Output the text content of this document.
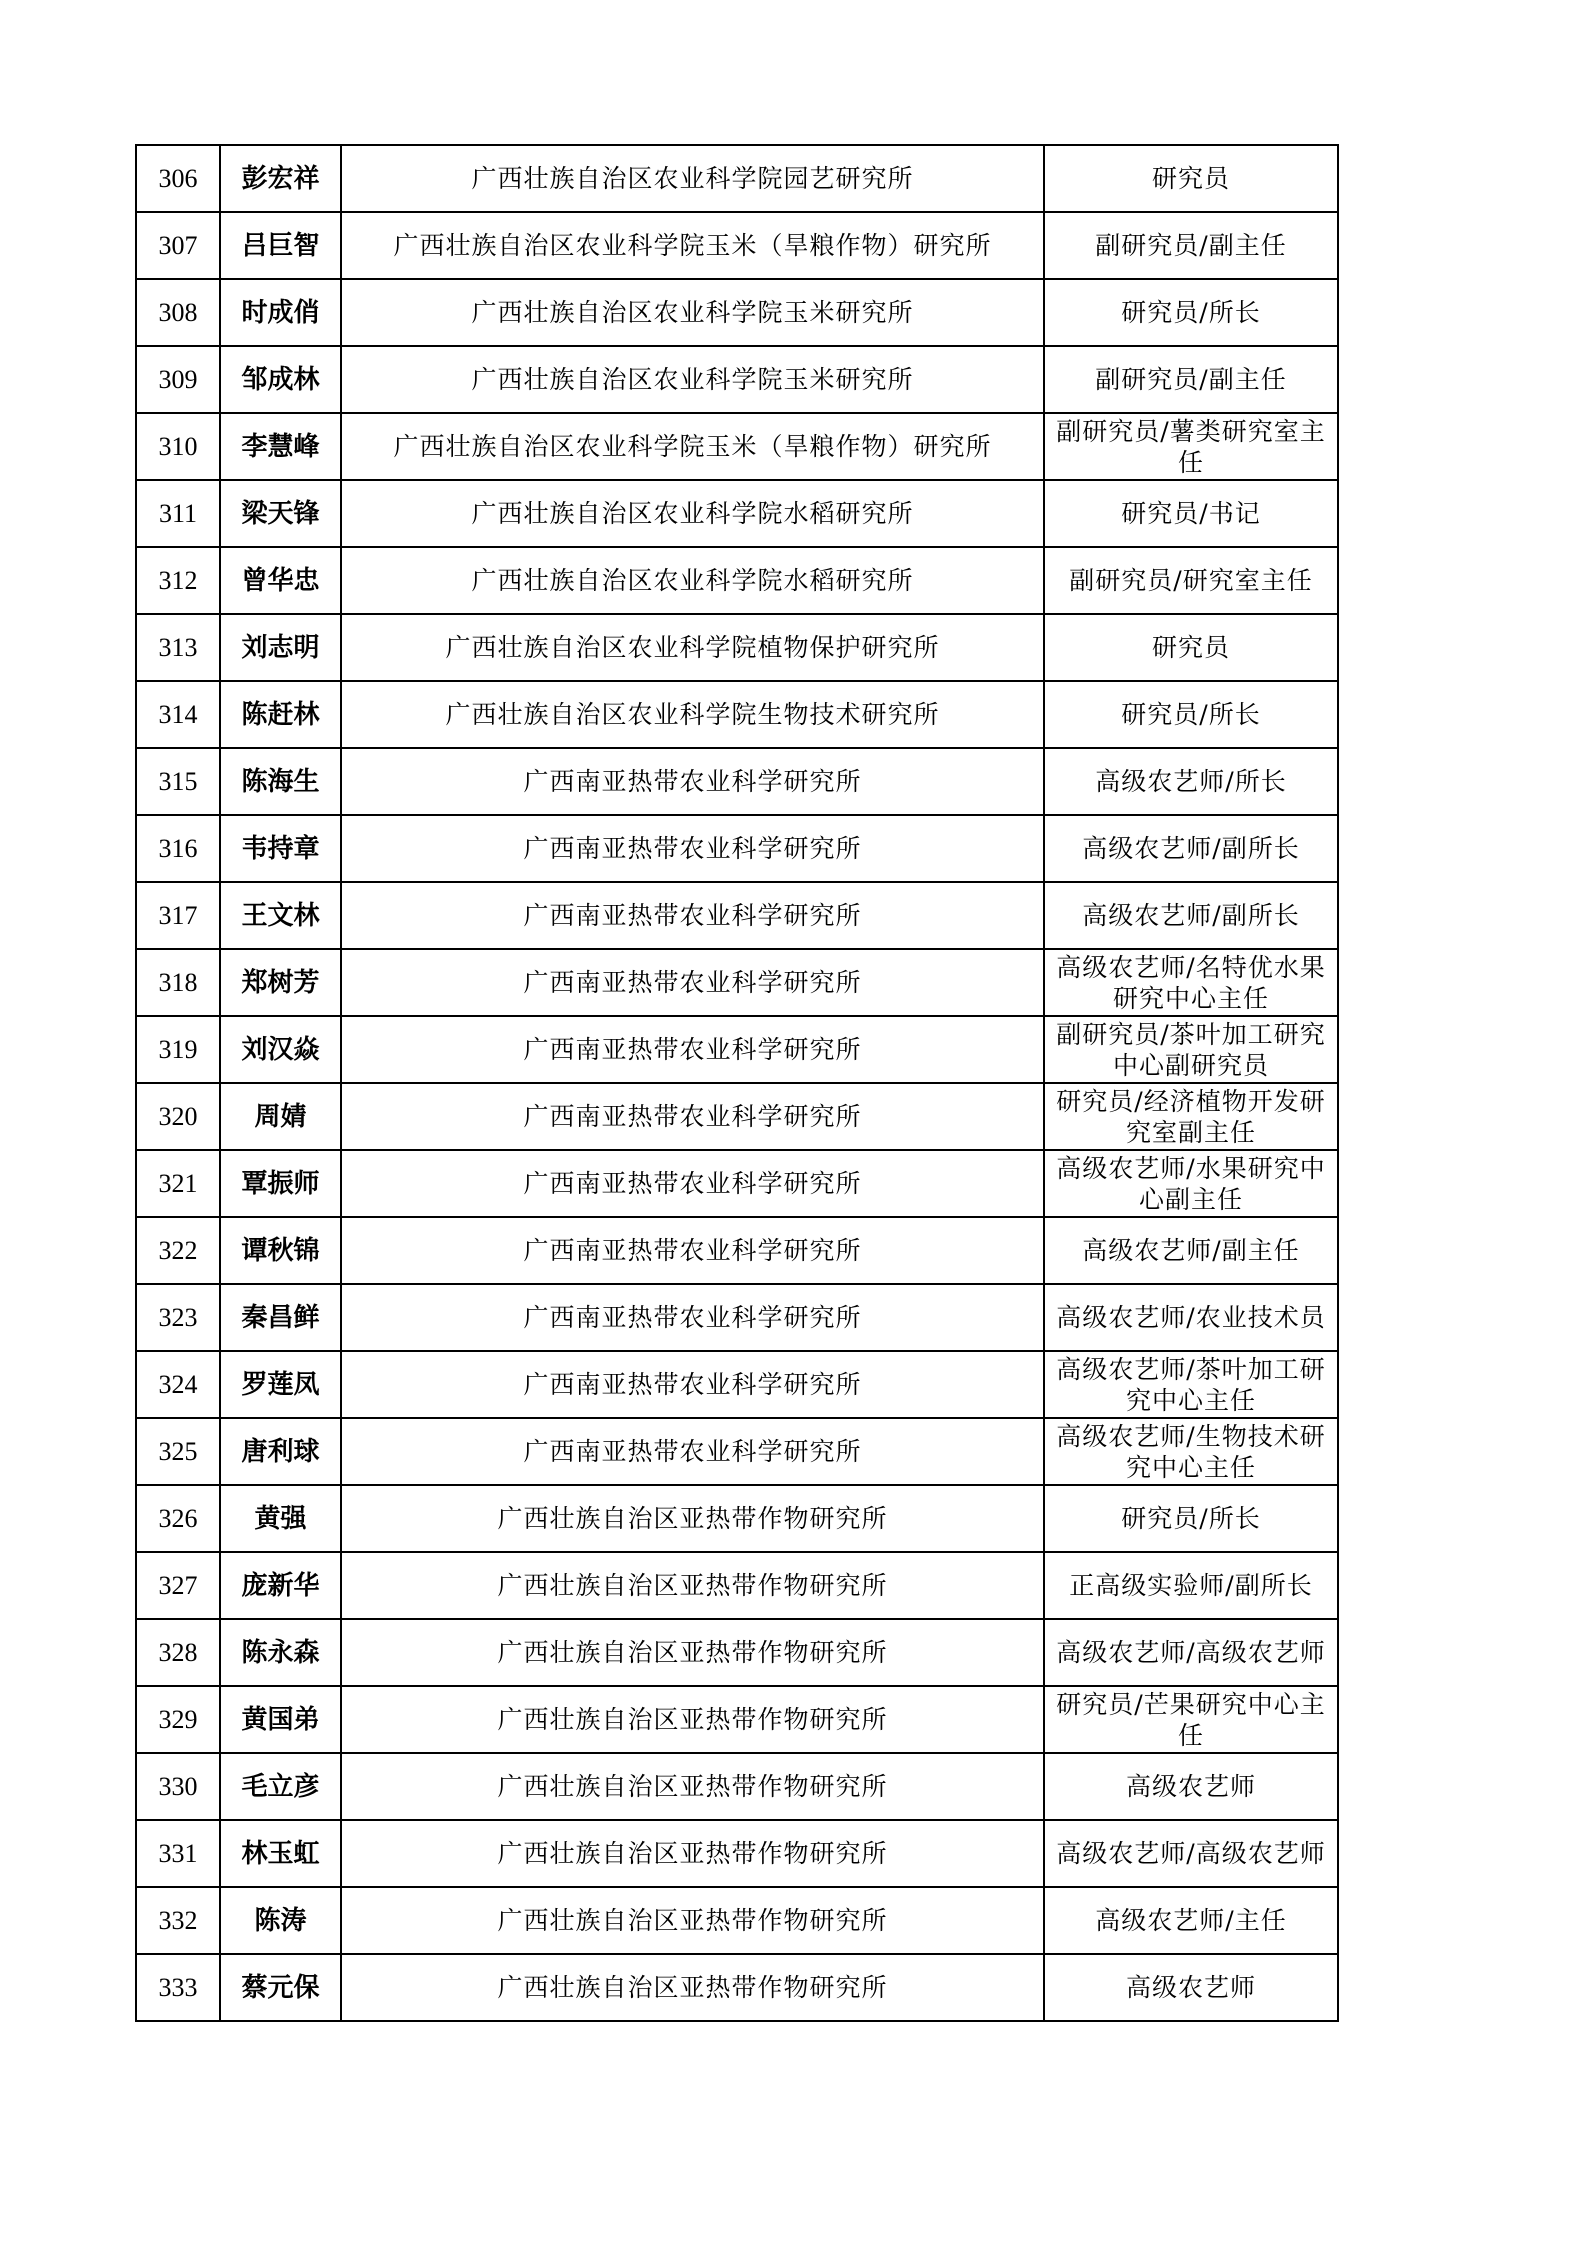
306	彭宏祥	广西壮族自治区农业科学院园艺研究所	研究员
307	吕巨智	广西壮族自治区农业科学院玉米（旱粮作物）研究所	副研究员/副主任
308	时成俏	广西壮族自治区农业科学院玉米研究所	研究员/所长
309	邹成林	广西壮族自治区农业科学院玉米研究所	副研究员/副主任
310	李慧峰	广西壮族自治区农业科学院玉米（旱粮作物）研究所	副研究员/薯类研究室主任
311	梁天锋	广西壮族自治区农业科学院水稻研究所	研究员/书记
312	曾华忠	广西壮族自治区农业科学院水稻研究所	副研究员/研究室主任
313	刘志明	广西壮族自治区农业科学院植物保护研究所	研究员
314	陈赶林	广西壮族自治区农业科学院生物技术研究所	研究员/所长
315	陈海生	广西南亚热带农业科学研究所	高级农艺师/所长
316	韦持章	广西南亚热带农业科学研究所	高级农艺师/副所长
317	王文林	广西南亚热带农业科学研究所	高级农艺师/副所长
318	郑树芳	广西南亚热带农业科学研究所	高级农艺师/名特优水果研究中心主任
319	刘汉焱	广西南亚热带农业科学研究所	副研究员/茶叶加工研究中心副研究员
320	周婧	广西南亚热带农业科学研究所	研究员/经济植物开发研究室副主任
321	覃振师	广西南亚热带农业科学研究所	高级农艺师/水果研究中心副主任
322	谭秋锦	广西南亚热带农业科学研究所	高级农艺师/副主任
323	秦昌鲜	广西南亚热带农业科学研究所	高级农艺师/农业技术员
324	罗莲凤	广西南亚热带农业科学研究所	高级农艺师/茶叶加工研究中心主任
325	唐利球	广西南亚热带农业科学研究所	高级农艺师/生物技术研究中心主任
326	黄强	广西壮族自治区亚热带作物研究所	研究员/所长
327	庞新华	广西壮族自治区亚热带作物研究所	正高级实验师/副所长
328	陈永森	广西壮族自治区亚热带作物研究所	高级农艺师/高级农艺师
329	黄国弟	广西壮族自治区亚热带作物研究所	研究员/芒果研究中心主任
330	毛立彦	广西壮族自治区亚热带作物研究所	高级农艺师
331	林玉虹	广西壮族自治区亚热带作物研究所	高级农艺师/高级农艺师
332	陈涛	广西壮族自治区亚热带作物研究所	高级农艺师/主任
333	蔡元保	广西壮族自治区亚热带作物研究所	高级农艺师
